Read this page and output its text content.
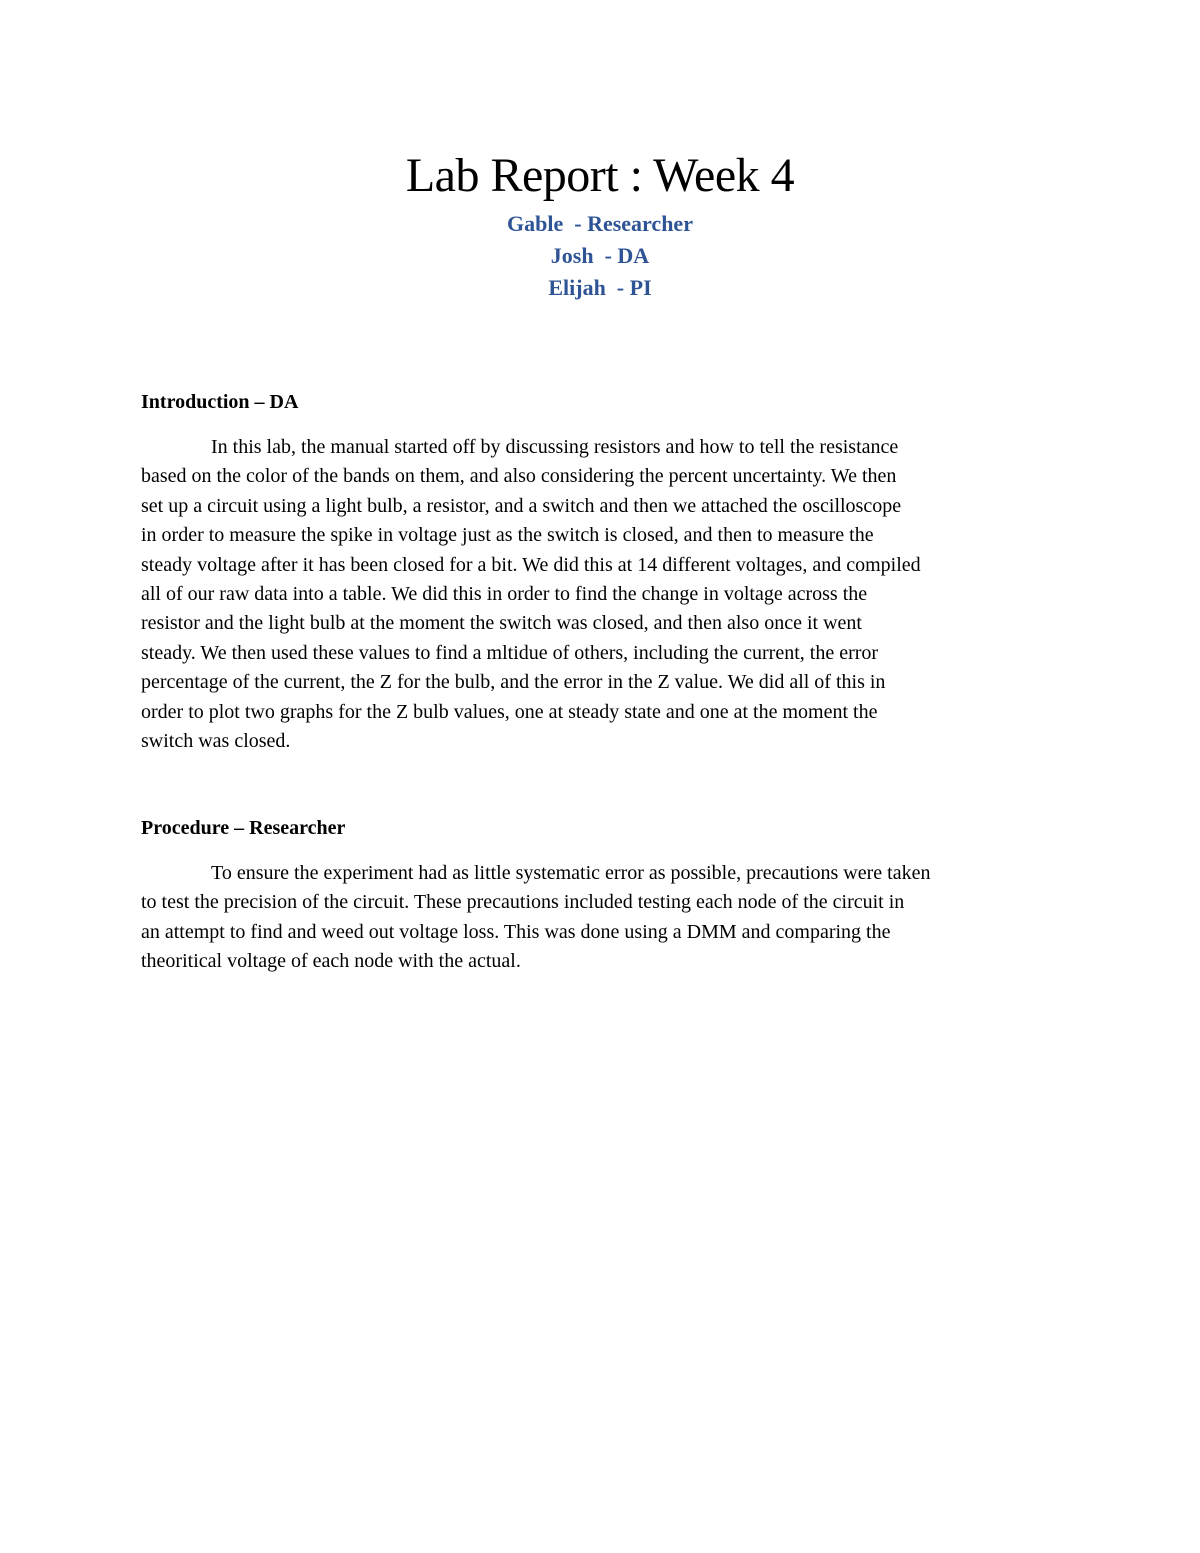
Lab Report : Week 4
Gable  - Researcher
Josh  - DA
Elijah  - PI
Introduction – DA
In this lab, the manual started off by discussing resistors and how to tell the resistance
based on the color of the bands on them, and also considering the percent uncertainty. We then
set up a circuit using a light bulb, a resistor, and a switch and then we attached the oscilloscope
in order to measure the spike in voltage just as the switch is closed, and then to measure the
steady voltage after it has been closed for a bit. We did this at 14 different voltages, and compiled
all of our raw data into a table. We did this in order to find the change in voltage across the
resistor and the light bulb at the moment the switch was closed, and then also once it went
steady. We then used these values to find a mltidue of others, including the current, the error
percentage of the current, the Z for the bulb, and the error in the Z value. We did all of this in
order to plot two graphs for the Z bulb values, one at steady state and one at the moment the
switch was closed.
Procedure – Researcher
To ensure the experiment had as little systematic error as possible, precautions were taken
to test the precision of the circuit. These precautions included testing each node of the circuit in
an attempt to find and weed out voltage loss. This was done using a DMM and comparing the
theoritical voltage of each node with the actual.
